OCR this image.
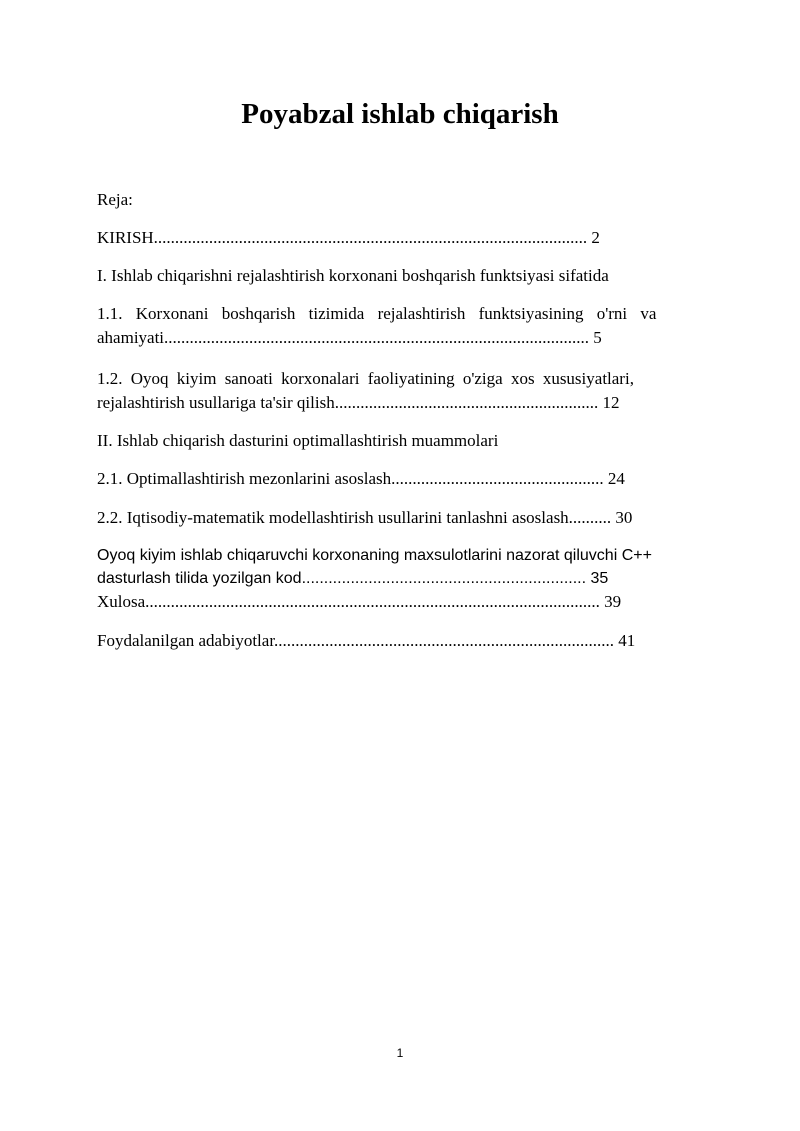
Poyabzal ishlab chiqarish
Reja:
KIRISH...................................................................................................... 2
I. Ishlab chiqarishni rejalashtirish korxonani boshqarish funktsiyasi sifatida
1.1. Korxonani boshqarish tizimida rejalashtirish funktsiyasining o'rni va
ahamiyati.................................................................................................... 5
1.2. Oyoq kiyim sanoati korxonalari faoliyatining o'ziga xos xususiyatlari,
rejalashtirish usullariga ta'sir qilish.............................................................. 12
II. Ishlab chiqarish dasturini optimallashtirish muammolari
2.1. Optimallashtirish mezonlarini asoslash.................................................. 24
2.2. Iqtisodiy-matematik modellashtirish usullarini tanlashni asoslash.......... 30
Oyoq kiyim ishlab chiqaruvchi korxonaning maxsulotlarini nazorat qiluvchi C++
dasturlash tilida yozilgan kod................................................................ 35
Xulosa........................................................................................................... 39
Foydalanilgan adabiyotlar................................................................................ 41
1
